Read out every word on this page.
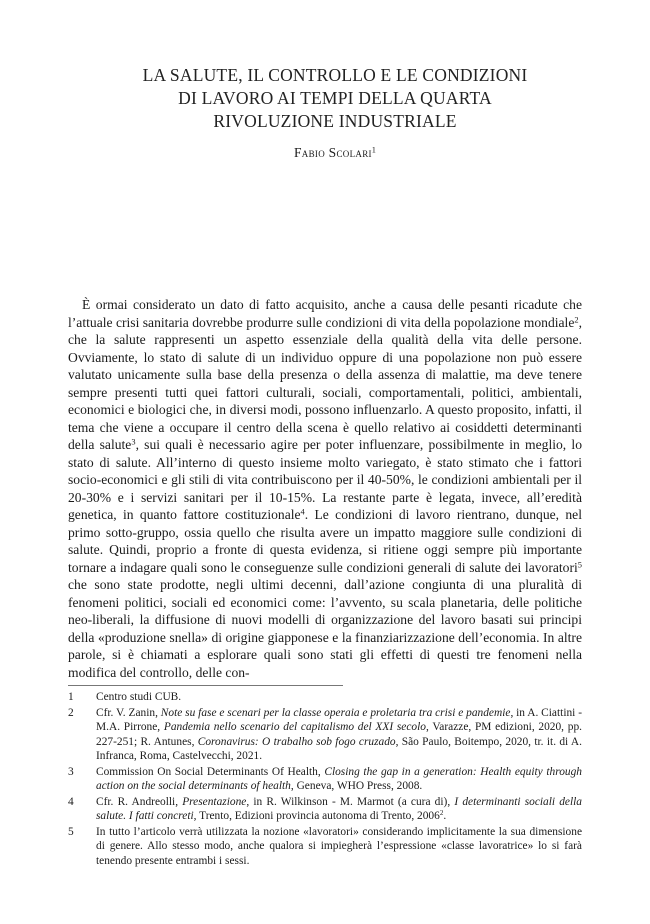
LA SALUTE, IL CONTROLLO E LE CONDIZIONI
DI LAVORO AI TEMPI DELLA QUARTA
RIVOLUZIONE INDUSTRIALE
Fabio Scolari$^1$

È ormai considerato un dato di fatto acquisito, anche a causa delle pesanti ricadute che l’attuale crisi sanitaria dovrebbe produrre sulle condizioni di vita della popolazione mondiale$^2$, che la salute rappresenti un aspetto essenziale della qualità della vita delle persone. Ovviamente, lo stato di salute di un individuo oppure di una popolazione non può essere valutato unicamente sulla base della presenza o della assenza di malattie, ma deve tenere sempre presenti tutti quei fattori culturali, sociali, comportamentali, politici, ambientali, economici e biologici che, in diversi modi, possono influenzarlo. A questo proposito, infatti, il tema che viene a occupare il centro della scena è quello relativo ai cosiddetti determinanti della salute$^3$, sui quali è necessario agire per poter influenzare, possibilmente in meglio, lo stato di salute. All’interno di questo insieme molto variegato, è stato stimato che i fattori socio-economici e gli stili di vita contribuiscono per il 40-50%, le condizioni ambientali per il 20-30% e i servizi sanitari per il 10-15%. La restante parte è legata, invece, all’eredità genetica, in quanto fattore costituzionale$^4$. Le condizioni di lavoro rientrano, dunque, nel primo sotto-gruppo, ossia quello che risulta avere un impatto maggiore sulle condizioni di salute. Quindi, proprio a fronte di questa evidenza, si ritiene oggi sempre più importante tornare a indagare quali sono le conseguenze sulle condizioni generali di salute dei lavoratori$^5$ che sono state prodotte, negli ultimi decenni, dall’azione congiunta di una pluralità di fenomeni politici, sociali ed economici come: l’avvento, su scala planetaria, delle politiche neo-liberali, la diffusione di nuovi modelli di organizzazione del lavoro basati sui principi della «produzione snella» di origine giapponese e la finanziarizzazione dell’economia. In altre parole, si è chiamati a esplorare quali sono stati gli effetti di questi tre fenomeni nella modifica del controllo, delle con-

1	Centro studi CUB.
2	Cfr. V. Zanin, Note su fase e scenari per la classe operaia e proletaria tra crisi e pandemie, in A. Ciattini - M.A. Pirrone, Pandemia nello scenario del capitalismo del XXI secolo, Varazze, PM edizioni, 2020, pp. 227-251; R. Antunes, Coronavirus: O trabalho sob fogo cruzado, São Paulo, Boitempo, 2020, tr. it. di A. Infranca, Roma, Castelvecchi, 2021.
3	Commission On Social Determinants Of Health, Closing the gap in a generation: Health equity through action on the social determinants of health, Geneva, WHO Press, 2008.
4	Cfr. R. Andreolli, Presentazione, in R. Wilkinson - M. Marmot (a cura di), I determinanti sociali della salute. I fatti concreti, Trento, Edizioni provincia autonoma di Trento, 2006$^2$.
5	In tutto l’articolo verrà utilizzata la nozione «lavoratori» considerando implicitamente la sua dimensione di genere. Allo stesso modo, anche qualora si impiegherà l’espressione «classe lavoratrice» lo si farà tenendo presente entrambi i sessi.
